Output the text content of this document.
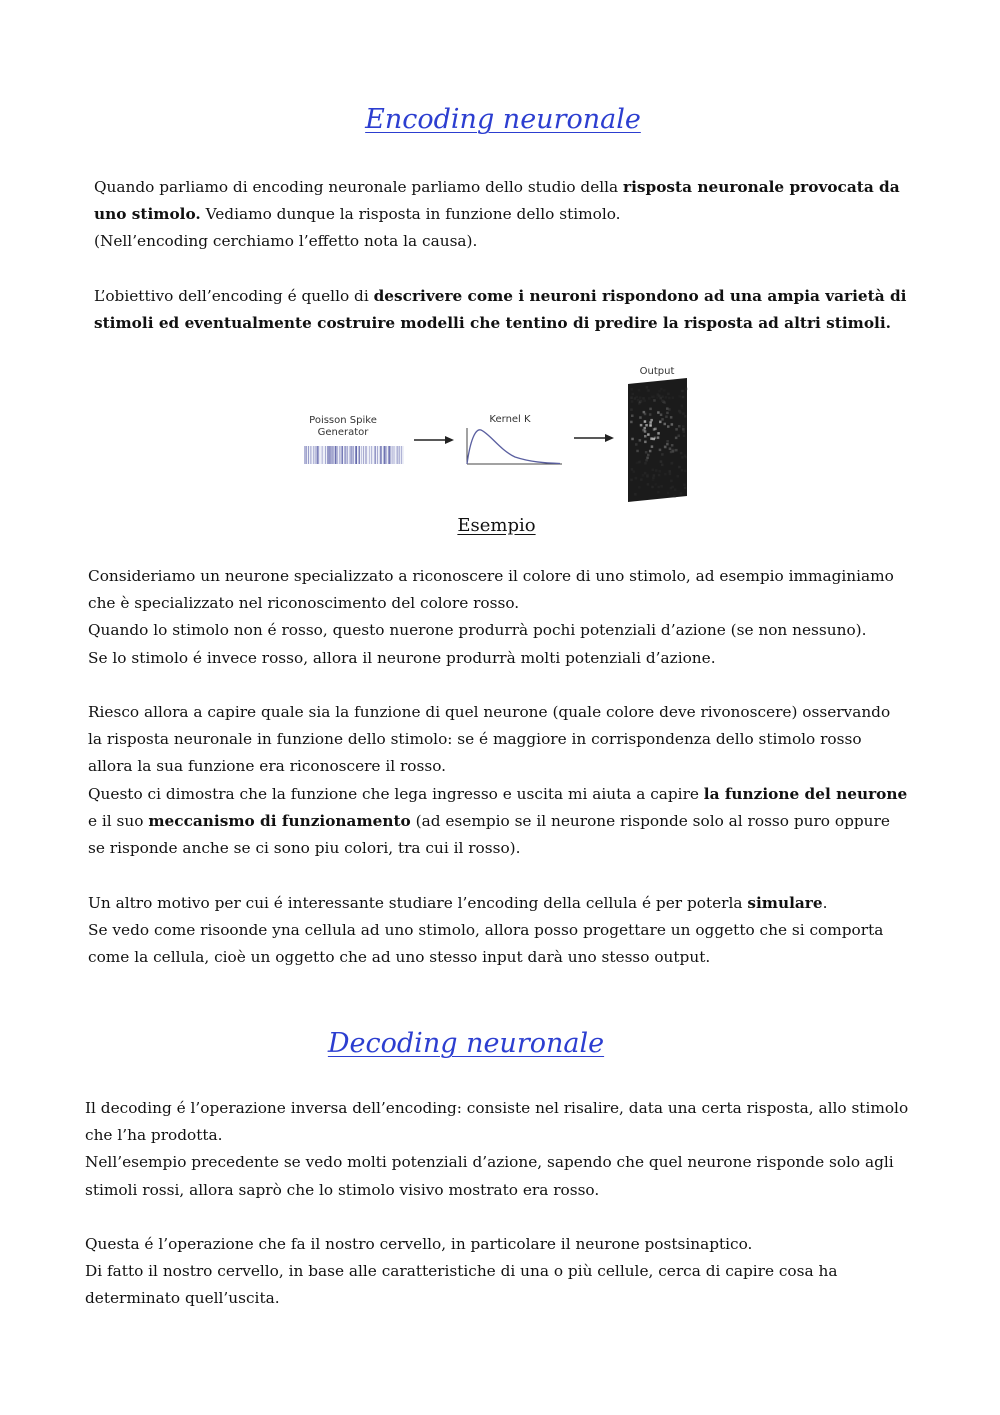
Encoding neuronale

Quando parliamo di encoding neuronale parliamo dello studio della risposta neuronale provocata da uno stimolo. Vediamo dunque la risposta in funzione dello stimolo.
(Nell’encoding cerchiamo l’effetto nota la causa).

L’obiettivo dell’encoding é quello di descrivere come i neuroni rispondono ad una ampia varietà di stimoli ed eventualmente costruire modelli che tentino di predire la risposta ad altri stimoli.

Poisson Spike
Generator
Kernel K
Output
Esempio

Consideriamo un neurone specializzato a riconoscere il colore di uno stimolo, ad esempio immaginiamo che è specializzato nel riconoscimento del colore rosso.
Quando lo stimolo non é rosso, questo nuerone produrrà pochi potenziali d’azione (se non nessuno).
Se lo stimolo é invece rosso, allora il neurone produrrà molti potenziali d’azione.

Riesco allora a capire quale sia la funzione di quel neurone (quale colore deve rivonoscere) osservando la risposta neuronale in funzione dello stimolo: se é maggiore in corrispondenza dello stimolo rosso allora la sua funzione era riconoscere il rosso.
Questo ci dimostra che la funzione che lega ingresso e uscita mi aiuta a capire la funzione del neurone e il suo meccanismo di funzionamento (ad esempio se il neurone risponde solo al rosso puro oppure se risponde anche se ci sono piu colori, tra cui il rosso).

Un altro motivo per cui é interessante studiare l’encoding della cellula é per poterla simulare.
Se vedo come risoonde yna cellula ad uno stimolo, allora posso progettare un oggetto che si comporta come la cellula, cioè un oggetto che ad uno stesso input darà uno stesso output.

Decoding neuronale

Il decoding é l’operazione inversa dell’encoding: consiste nel risalire, data una certa risposta, allo stimolo che l’ha prodotta.
Nell’esempio precedente se vedo molti potenziali d’azione, sapendo che quel neurone risponde solo agli stimoli rossi, allora saprò che lo stimolo visivo mostrato era rosso.

Questa é l’operazione che fa il nostro cervello, in particolare il neurone postsinaptico.
Di fatto il nostro cervello, in base alle caratteristiche di una o più cellule, cerca di capire cosa ha determinato quell’uscita.
